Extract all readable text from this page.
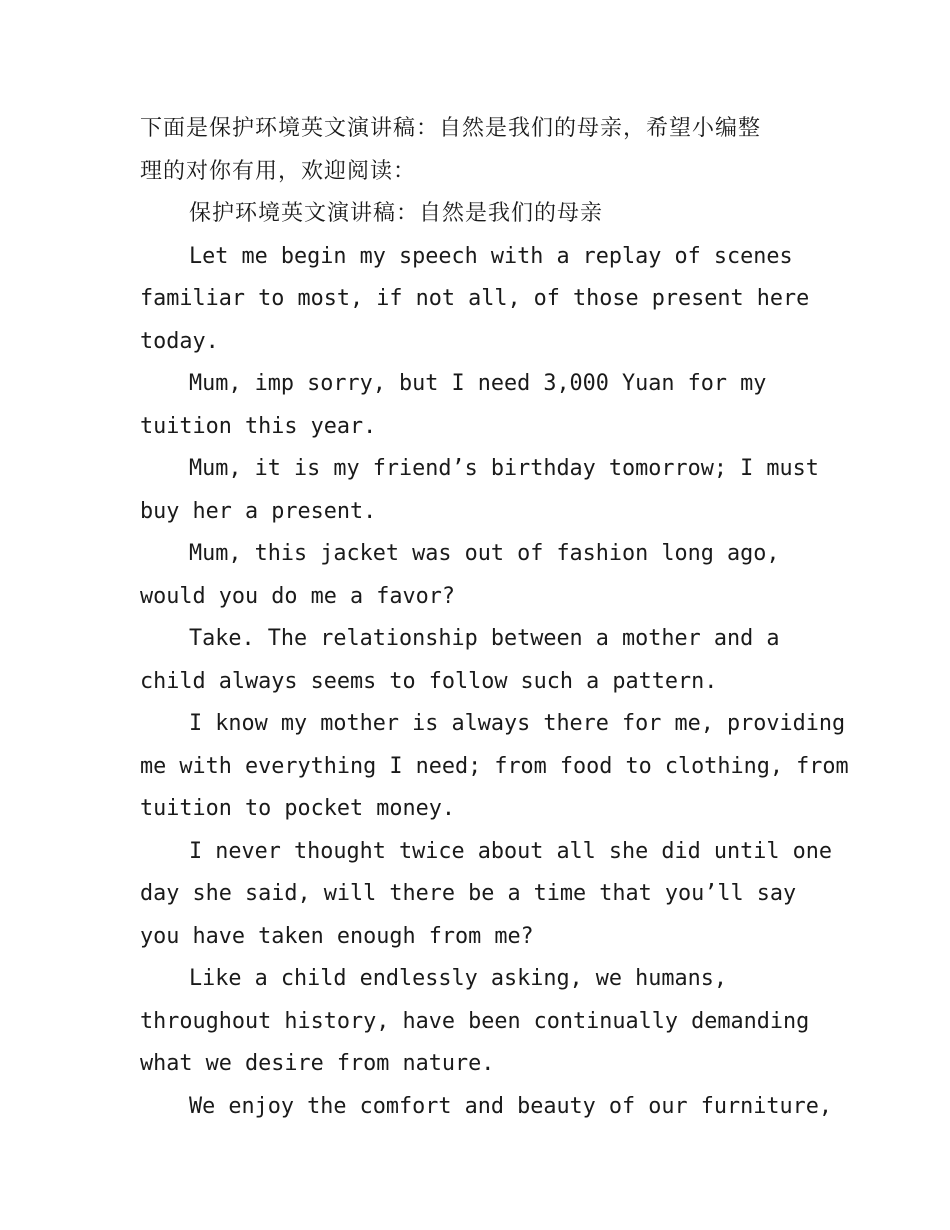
下面是保护环境英文演讲稿：自然是我们的母亲，希望小编整
理的对你有用，欢迎阅读：
保护环境英文演讲稿：自然是我们的母亲
Let me begin my speech with a replay of scenes
familiar to most, if not all, of those present here
today.
Mum, imp sorry, but I need 3,000 Yuan for my
tuition this year.
Mum, it is my friend’s birthday tomorrow; I must
buy her a present.
Mum, this jacket was out of fashion long ago,
would you do me a favor?
Take. The relationship between a mother and a
child always seems to follow such a pattern.
I know my mother is always there for me, providing
me with everything I need; from food to clothing, from
tuition to pocket money.
I never thought twice about all she did until one
day she said, will there be a time that you’ll say
you have taken enough from me?
Like a child endlessly asking, we humans,
throughout history, have been continually demanding
what we desire from nature.
We enjoy the comfort and beauty of our furniture,
